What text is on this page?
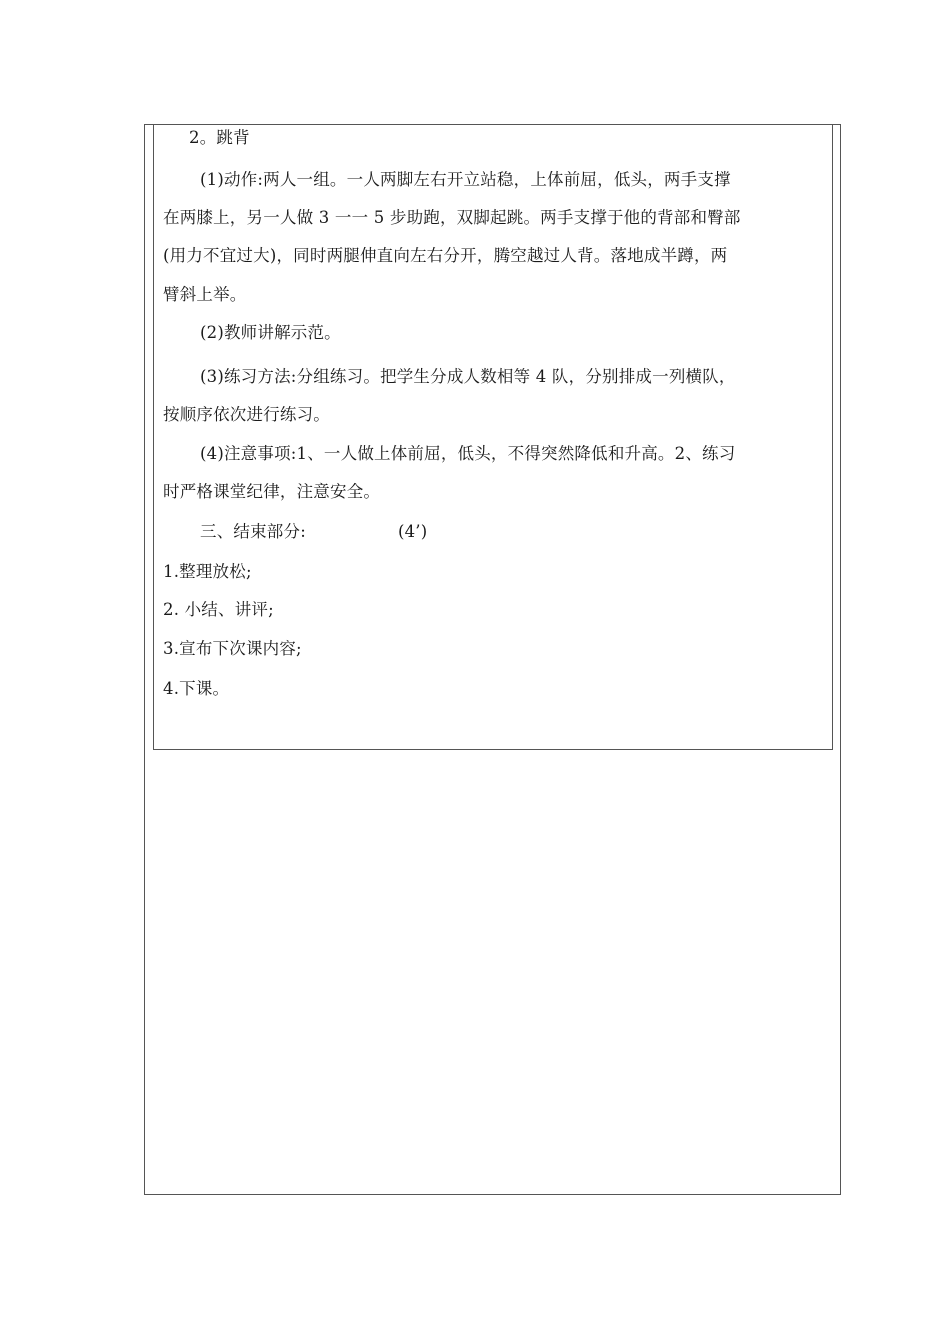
2。跳背
(1)动作:两人一组。一人两脚左右开立站稳，上体前屈，低头，两手支撑
在两膝上，另一人做 3 一一 5 步助跑，双脚起跳。两手支撑于他的背部和臀部
(用力不宜过大)，同时两腿伸直向左右分开，腾空越过人背。落地成半蹲，两
臂斜上举。
(2)教师讲解示范。
(3)练习方法:分组练习。把学生分成人数相等 4 队，分别排成一列横队，
按顺序依次进行练习。
(4)注意事项:1、一人做上体前屈，低头，不得突然降低和升高。2、练习
时严格课堂纪律，注意安全。
三、结束部分:	(4’)
1.整理放松;
2. 小结、讲评;
3.宣布下次课内容;
4.下课。
